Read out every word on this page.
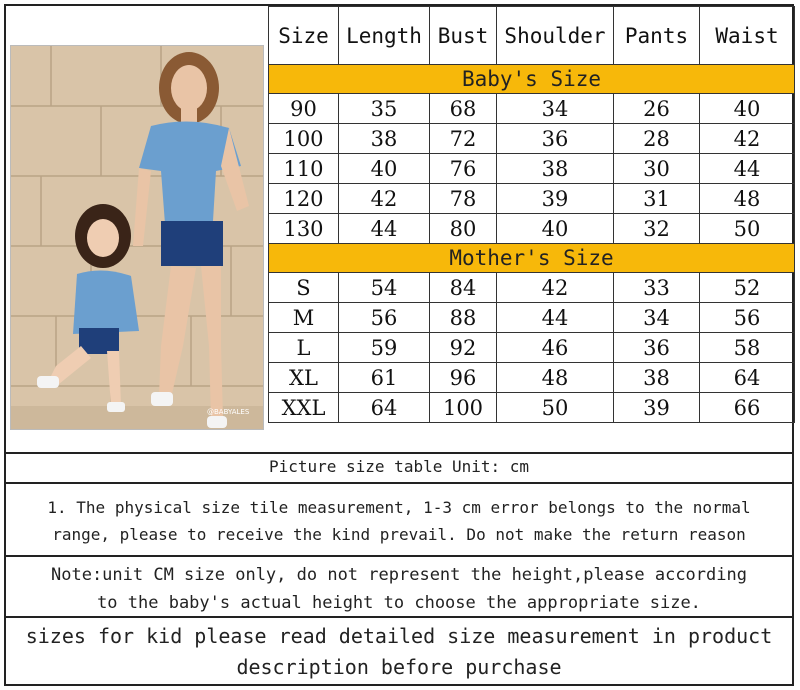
@BABYALES
Size	Length	Bust	Shoulder	Pants	Waist
Baby's Size					
90	35	68	34	26	40
100	38	72	36	28	42
110	40	76	38	30	44
120	42	78	39	31	48
130	44	80	40	32	50
Mother's Size					
S	54	84	42	33	52
M	56	88	44	34	56
L	59	92	46	36	58
XL	61	96	48	38	64
XXL	64	100	50	39	66
Picture size table Unit: cm
1. The physical size tile measurement, 1-3 cm error belongs to the normal
range, please to receive the kind prevail. Do not make the return reason
Note:unit CM size only, do not represent the height,please according
to the baby's actual height to choose the appropriate size.
sizes for kid please read detailed size measurement in product
description before purchase
